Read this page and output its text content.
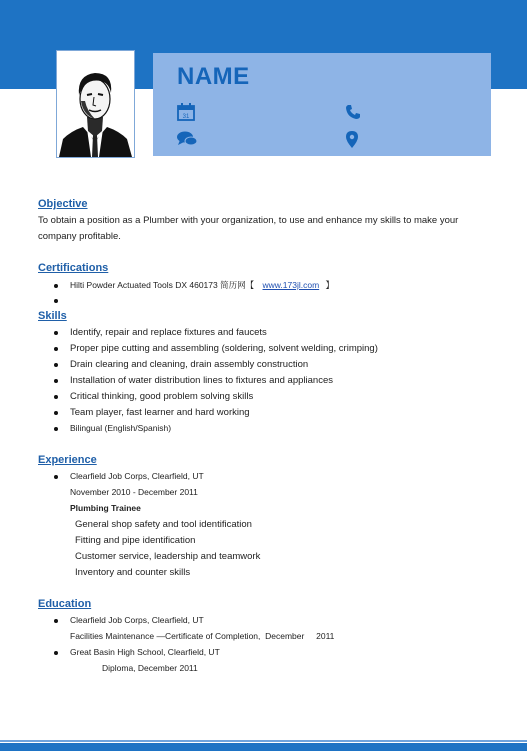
NAME
31
Objective
To obtain a position as a Plumber with your organization, to use and enhance my skills to make your
company profitable.
Certifications
Hilti Powder Actuated Tools DX 460173 简历网【 www.173jl.com 】
Skills
Identify, repair and replace fixtures and faucets
Proper pipe cutting and assembling (soldering, solvent welding, crimping)
Drain clearing and cleaning, drain assembly construction
Installation of water distribution lines to fixtures and appliances
Critical thinking, good problem solving skills
Team player, fast learner and hard working
Bilingual (English/Spanish)
Experience
Clearfield Job Corps, Clearfield, UT
November 2010 - December 2011
Plumbing Trainee
General shop safety and tool identification
Fitting and pipe identification
Customer service, leadership and teamwork
Inventory and counter skills
Education
Clearfield Job Corps, Clearfield, UT
Facilities Maintenance —Certificate of Completion,  December     2011
Great Basin High School, Clearfield, UT
Diploma, December 2011
